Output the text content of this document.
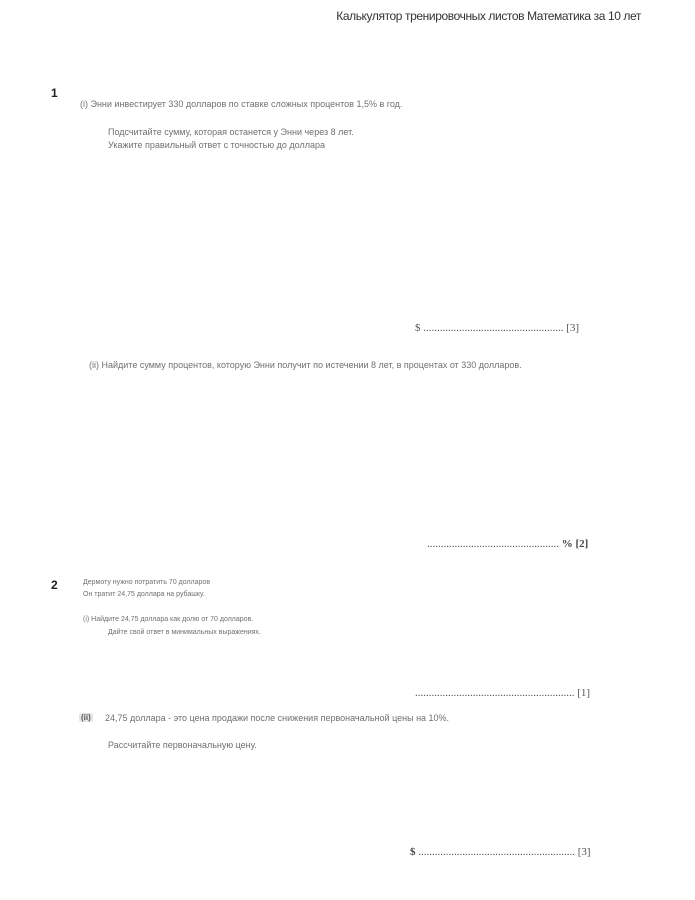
Калькулятор тренировочных листов Математика за 10 лет
1
(i) Энни инвестирует 330 долларов по ставке сложных процентов 1,5% в год.
Подсчитайте сумму, которая останется у Энни через 8 лет.
Укажите правильный ответ с точностью до доллара
$ ................................................... [3]
(ii) Найдите сумму процентов, которую Энни получит по истечении 8 лет, в процентах от 330 долларов.
................................................ % [2]
2	Дермоту нужно потратить 70 долларов
Он тратит 24,75 доллара на рубашку.
(i) Найдите 24,75 доллара как долю от 70 долларов.
Дайте свой ответ в минимальных выражениях.
.......................................................... [1]
(ii) 24,75 доллара - это цена продажи после снижения первоначальной цены на 10%.
Рассчитайте первоначальную цену.
$ ......................................................... [3]
